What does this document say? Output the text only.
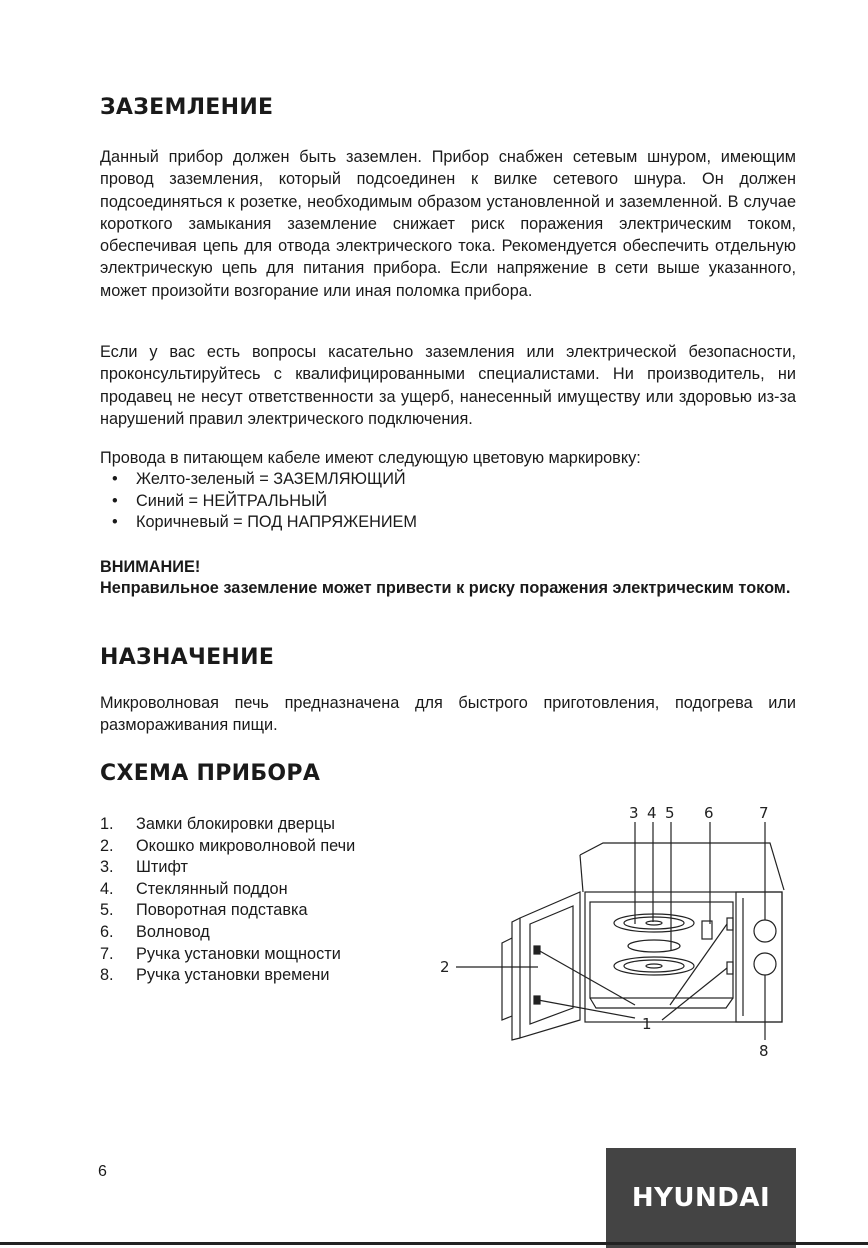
ЗАЗЕМЛЕНИЕ

Данный прибор должен быть заземлен. Прибор снабжен сетевым шнуром, имеющим провод заземления, который подсоединен к вилке сетевого шнура. Он должен подсоединяться к розетке, необходимым образом установленной и заземленной. В случае короткого замыкания заземление снижает риск поражения электрическим током, обеспечивая цепь для отвода электрического тока. Рекомендуется обеспечить отдельную электрическую цепь для питания прибора. Если напряжение в сети выше указанного, может произойти возгорание или иная поломка прибора.

Если у вас есть вопросы касательно заземления или электрической безопасности, проконсультируйтесь с квалифицированными специалистами. Ни производитель, ни продавец не несут ответственности за ущерб, нанесенный имуществу или здоровью из-за нарушений правил электрического подключения.

Провода в питающем кабеле имеют следующую цветовую маркировку:

• Желто-зеленый = ЗАЗЕМЛЯЮЩИЙ
• Синий = НЕЙТРАЛЬНЫЙ
• Коричневый = ПОД НАПРЯЖЕНИЕМ

ВНИМАНИЕ!

Неправильное заземление может привести к риску поражения электрическим током.

НАЗНАЧЕНИЕ

Микроволновая печь предназначена для быстрого приготовления, подогрева или размораживания пищи.

СХЕМА ПРИБОРА
1. Замки блокировки дверцы
2. Окошко микроволновой печи
3. Штифт
4. Стеклянный поддон
5. Поворотная подставка
6. Волновод
7. Ручка установки мощности
8. Ручка установки времени
3 4 5 6	7
2
1
8

6

HYUNDAI
